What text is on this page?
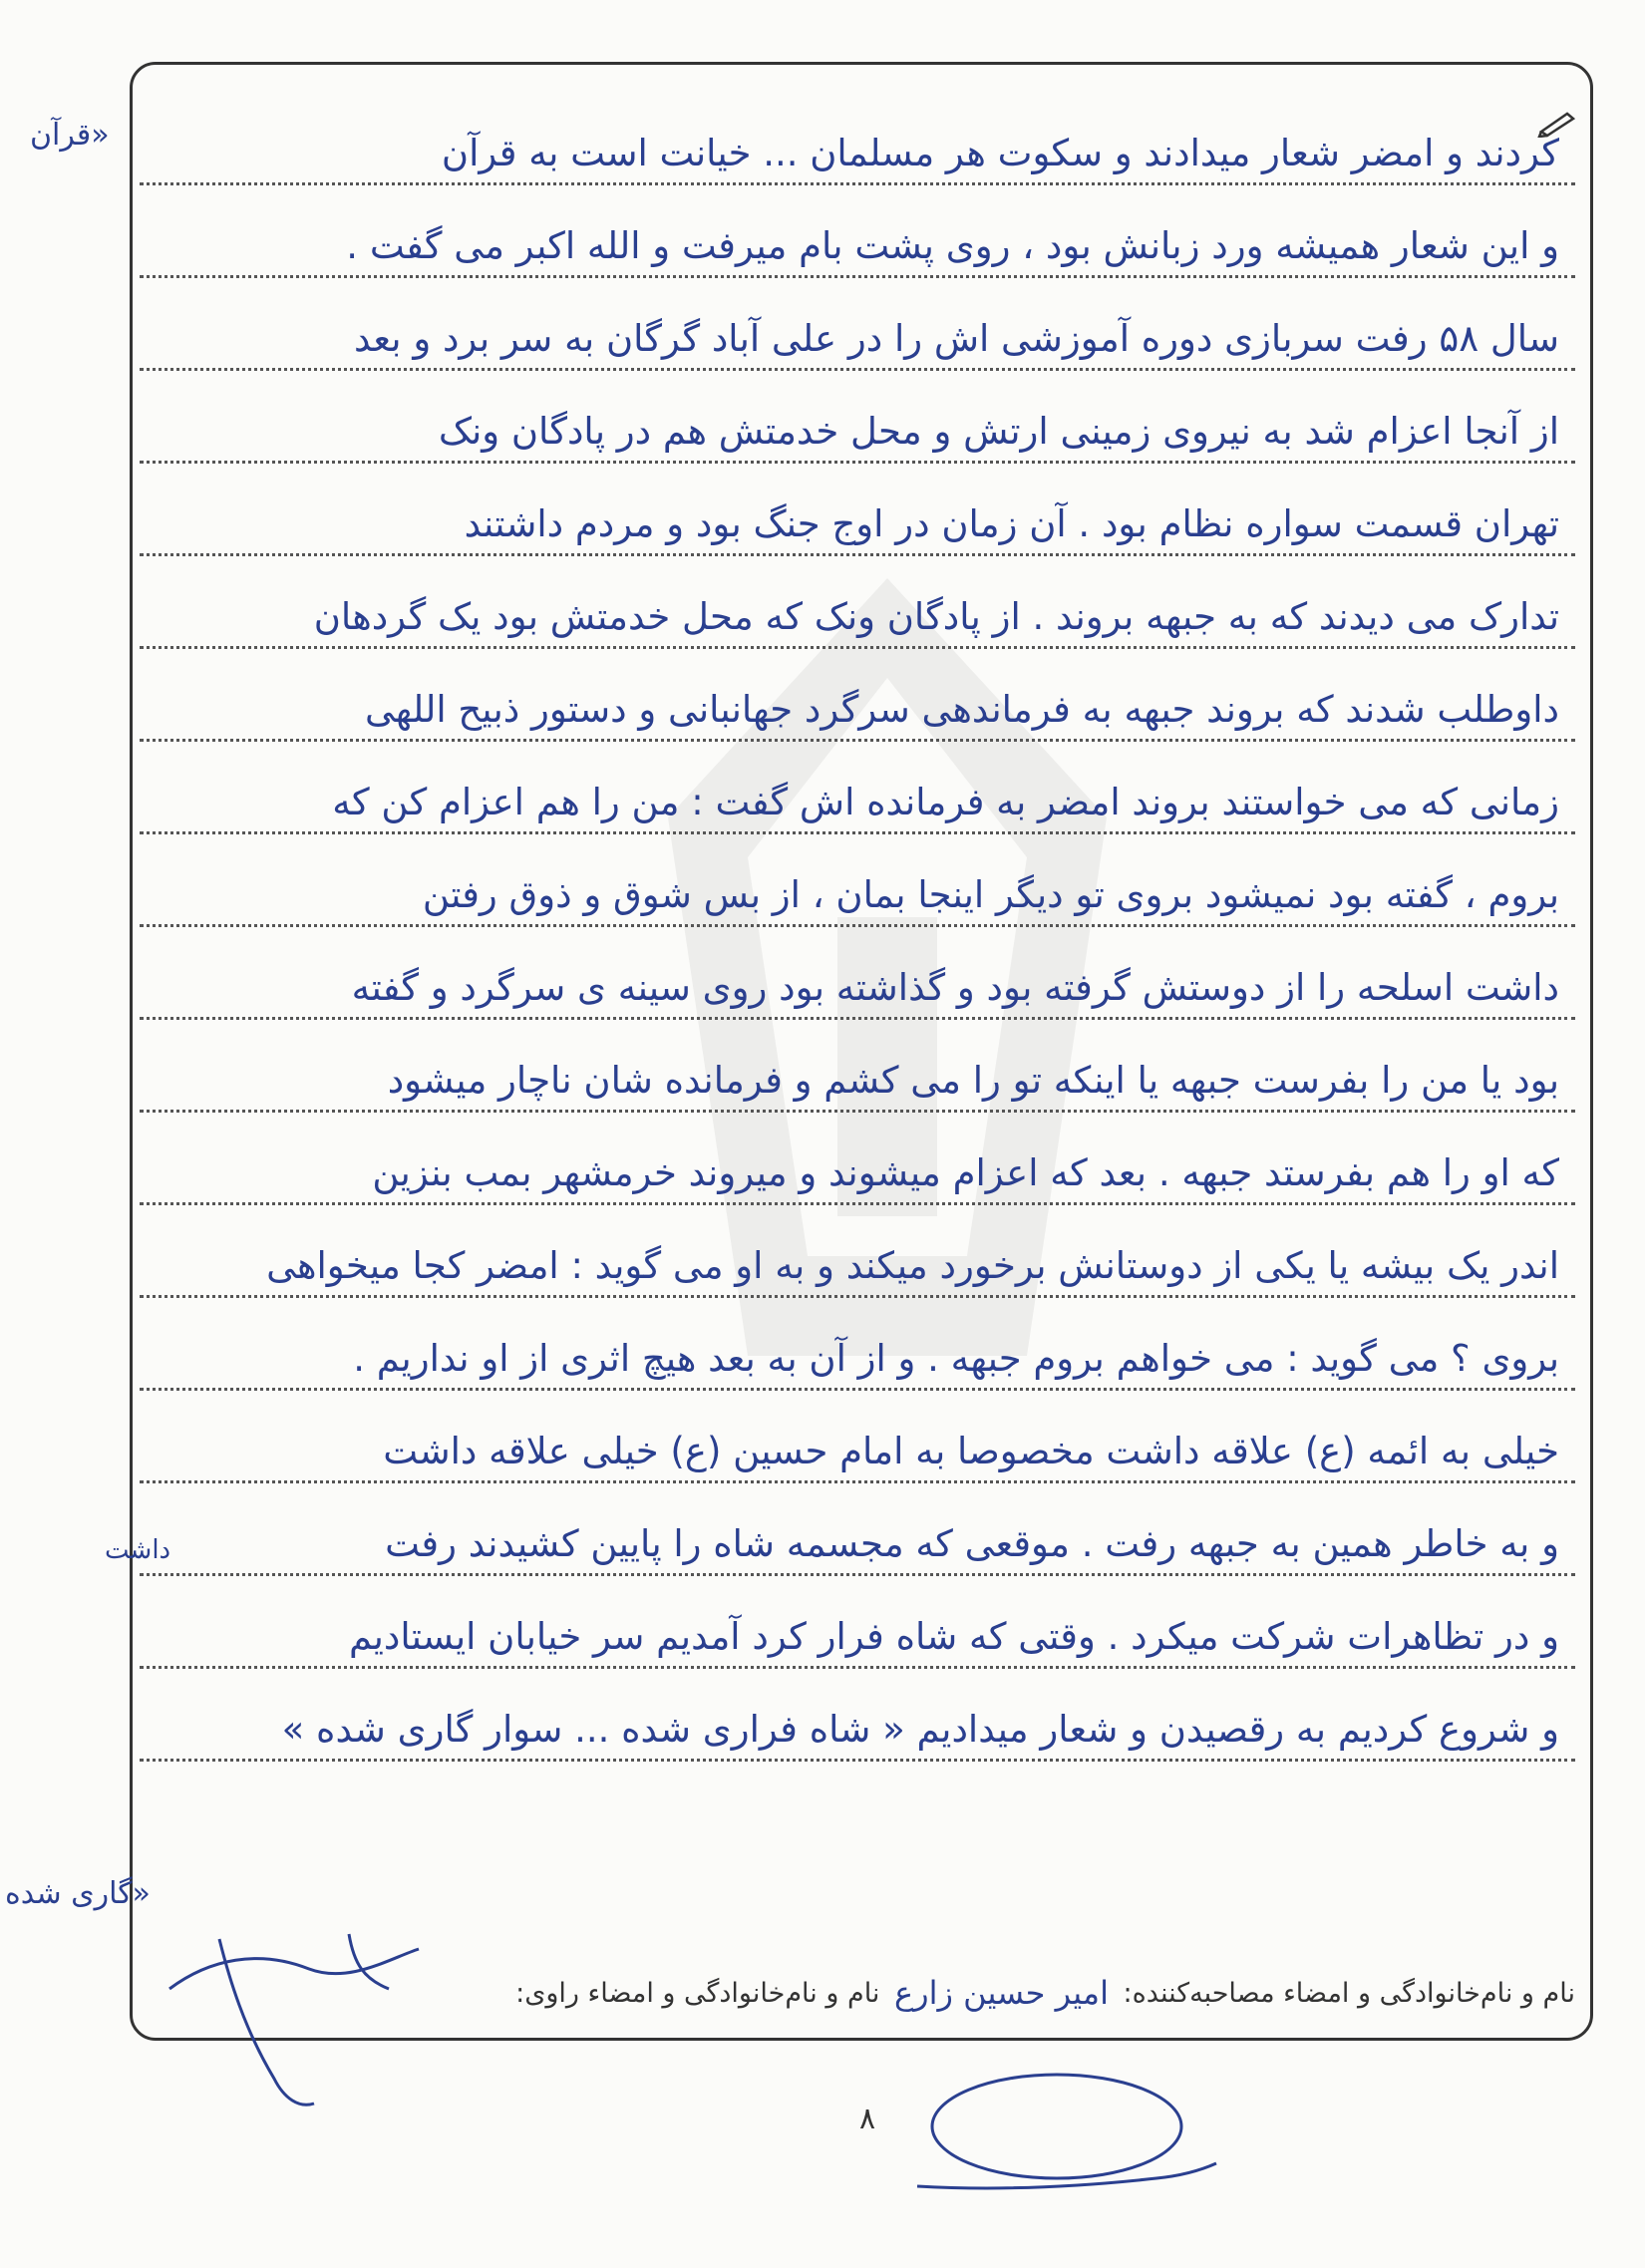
کردند و امضر شعار میدادند و سکوت هر مسلمان ... خیانت است به قرآن
و این شعار همیشه ورد زبانش بود ، روی پشت بام میرفت و الله اکبر می گفت .
سال ۵۸ رفت سربازی دوره آموزشی اش را در علی آباد گرگان به سر برد و بعد
از آنجا اعزام شد به نیروی زمینی ارتش و محل خدمتش هم در پادگان ونک
تهران قسمت سواره نظام بود . آن زمان در اوج جنگ بود و مردم داشتند
تدارک می دیدند که به جبهه بروند . از پادگان ونک که محل خدمتش بود یک گردهان
داوطلب شدند که بروند جبهه به فرماندهی سرگرد جهانبانی و دستور ذبیح اللهی
زمانی که می خواستند بروند امضر به فرمانده اش گفت : من را هم اعزام کن که
بروم ، گفته بود نمیشود بروی تو دیگر اینجا بمان ، از بس شوق و ذوق رفتن
داشت اسلحه را از دوستش گرفته بود و گذاشته بود روی سینه ی سرگرد و گفته
بود یا من را بفرست جبهه یا اینکه تو را می کشم و فرمانده شان ناچار میشود
که او را هم بفرستد جبهه . بعد که اعزام میشوند و میروند خرمشهر بمب بنزین
اندر یک بیشه یا یکی از دوستانش برخورد میکند و به او می گوید : امضر کجا میخواهی
بروی ؟ می گوید : می خواهم بروم جبهه . و از آن به بعد هیچ اثری از او نداریم .
خیلی به ائمه (ع) علاقه داشت مخصوصا به امام حسین (ع) خیلی علاقه داشت
و به خاطر همین به جبهه رفت . موقعی که مجسمه شاه را پایین کشیدند رفت
و در تظاهرات شرکت میکرد . وقتی که شاه فرار کرد آمدیم سر خیابان ایستادیم
و شروع کردیم به رقصیدن و شعار میدادیم « شاه فراری شده ... سوار گاری شده »
«قرآن
داشت
«گاری شده
نام و نام‌خانوادگی و امضاء مصاحبه‌کننده: امیر حسین زارع نام و نام‌خانوادگی و امضاء راوی:
۸
